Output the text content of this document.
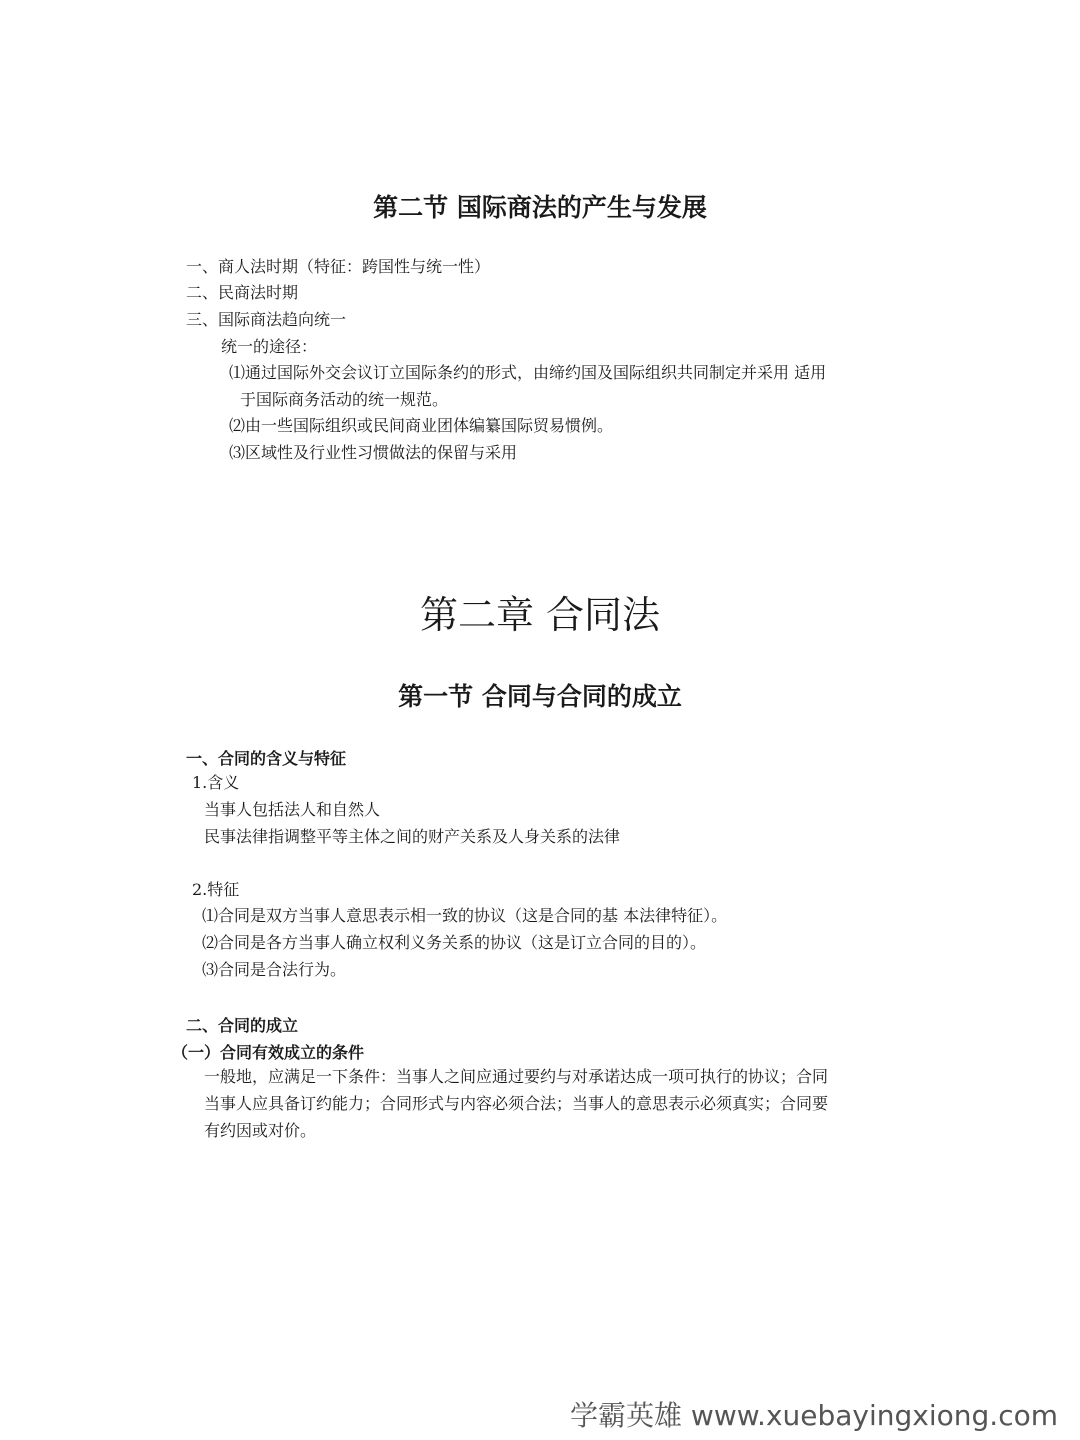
第二节 国际商法的产生与发展
一、商人法时期（特征：跨国性与统一性）
二、民商法时期
三、国际商法趋向统一
统一的途径：
⑴通过国际外交会议订立国际条约的形式，由缔约国及国际组织共同制定并采用 适用
于国际商务活动的统一规范。
⑵由一些国际组织或民间商业团体编纂国际贸易惯例。
⑶区域性及行业性习惯做法的保留与采用
第二章 合同法
第一节 合同与合同的成立
一、合同的含义与特征
1.含义
当事人包括法人和自然人
民事法律指调整平等主体之间的财产关系及人身关系的法律
2.特征
⑴合同是双方当事人意思表示相一致的协议（这是合同的基 本法律特征）。
⑵合同是各方当事人确立权利义务关系的协议（这是订立合同的目的）。
⑶合同是合法行为。
二、合同的成立
（一）合同有效成立的条件
一般地，应满足一下条件：当事人之间应通过要约与对承诺达成一项可执行的协议；合同
当事人应具备订约能力；合同形式与内容必须合法；当事人的意思表示必须真实；合同要
有约因或对价。
学霸英雄 www.xuebayingxiong.com
